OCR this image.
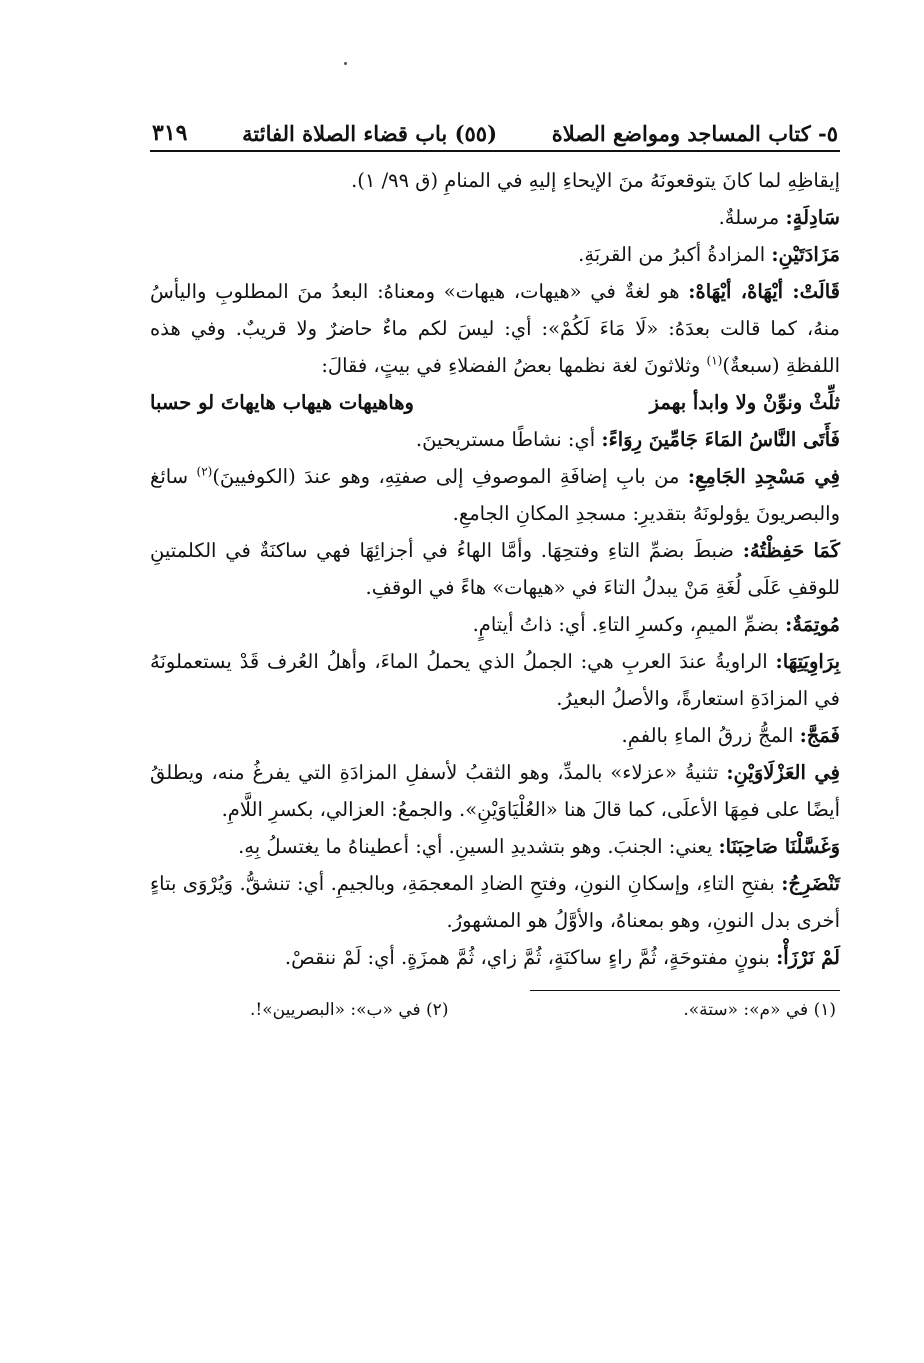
٥- كتاب المساجد ومواضع الصلاة
(٥٥) باب قضاء الصلاة الفائتة
٣١٩

إيقاظِهِ لما كانَ يتوقعونَهُ منَ الإيحاءِ إليهِ في المنامِ (ق ٩٩/ ١).

سَادِلَةٍ: مرسلةٌ.

مَزَادَتَيْنِ: المزادةُ أكبرُ من القربَةِ.

قَالَتْ: أيْهَاهْ، أيْهَاهْ: هو لغةٌ في «هيهات، هيهات» ومعناهُ: البعدُ منَ المطلوبِ واليأسُ منهُ، كما قالت بعدَهُ: «لَا مَاءَ لَكُمْ»: أي: ليسَ لكم ماءٌ حاضرٌ ولا قريبٌ. وفي هذه اللفظةِ (سبعةٌ)$^{(١)}$ وثلاثونَ لغة نظمها بعضُ الفضلاءِ في بيتٍ، فقالَ:

ثلِّثْ ونوِّنْ ولا وابدأ بهمز
وهاهيهات هيهاب هايهاتَ لو حسبا

فَأَتَى النَّاسُ المَاءَ جَامِّينَ رِوَاءً: أي: نشاطًا مستريحينَ.

فِي مَسْجِدِ الجَامِعِ: من بابِ إضافَةِ الموصوفِ إلى صفتِهِ، وهو عندَ (الكوفيينَ)$^{(٢)}$ سائغ والبصريونَ يؤولونَهُ بتقديرِ: مسجدِ المكانِ الجامعِ.

كَمَا حَفِظْتُهُ: ضبطَ بضمِّ التاءِ وفتحِهَا. وأمَّا الهاءُ في أجزائِهَا فهي ساكنَةٌ في الكلمتينِ للوقفِ عَلَى لُغَةِ مَنْ يبدلُ التاءَ في «هيهات» هاءً في الوقفِ.

مُوتِمَةٌ: بضمِّ الميمِ، وكسرِ التاءِ. أي: ذاتُ أيتامٍ.

بِرَاوِيَتِهَا: الراويةُ عندَ العربِ هي: الجملُ الذي يحملُ الماءَ، وأهلُ العُرف قَدْ يستعملونَهُ في المزادَةِ استعارةً، والأصلُ البعيرُ.

فَمَجَّ: المجُّ زرقُ الماءِ بالفمِ.

فِي العَزْلَاوَيْنِ: تثنيةُ «عزلاء» بالمدِّ، وهو الثقبُ لأسفلِ المزادَةِ التي يفرغُ منه، ويطلقُ أيضًا على فمِهَا الأعلَى، كما قالَ هنا «العُلْيَاوَيْنِ». والجمعُ: العزالي، بكسرِ اللَّامِ.

وَغَسَّلْنَا صَاحِبَنَا: يعني: الجنبَ. وهو بتشديدِ السينِ. أي: أعطيناهُ ما يغتسلُ بِهِ.

تَنْضَرِجُ: بفتحِ التاءِ، وإسكانِ النونِ، وفتحِ الضادِ المعجمَةِ، وبالجيمِ. أي: تنشقُّ. وَيُرْوَى بتاءٍ أخرى بدل النونِ، وهو بمعناهُ، والأوَّلُ هو المشهورُ.

لَمْ نَرْزَأْ: بنونٍ مفتوحَةٍ، ثُمَّ راءٍ ساكنَةٍ، ثُمَّ زاي، ثُمَّ همزَةٍ. أي: لَمْ ننقصْ.

(١) في «م»: «ستة».
(٢) في «ب»: «البصريين»!.
